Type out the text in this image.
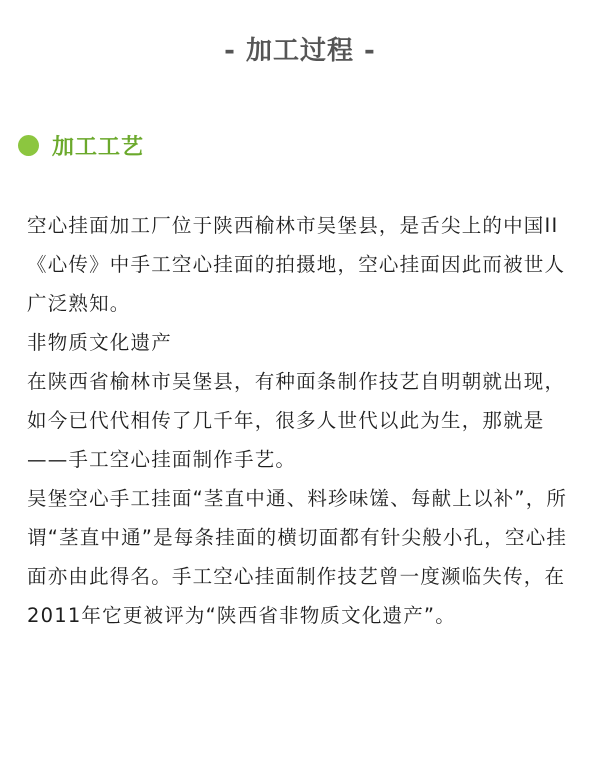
- 加工过程 -
加工工艺

空心挂面加工厂位于陕西榆林市吴堡县，是舌尖上的中国II《心传》中手工空心挂面的拍摄地，空心挂面因此而被世人广泛熟知。

非物质文化遗产

在陕西省榆林市吴堡县，有种面条制作技艺自明朝就出现，如今已代代相传了几千年，很多人世代以此为生，那就是——手工空心挂面制作手艺。

吴堡空心手工挂面“茎直中通、料珍味馐、每献上以补”，所谓“茎直中通”是每条挂面的横切面都有针尖般小孔，空心挂面亦由此得名。手工空心挂面制作技艺曾一度濒临失传，在2011年它更被评为“陕西省非物质文化遗产”。
